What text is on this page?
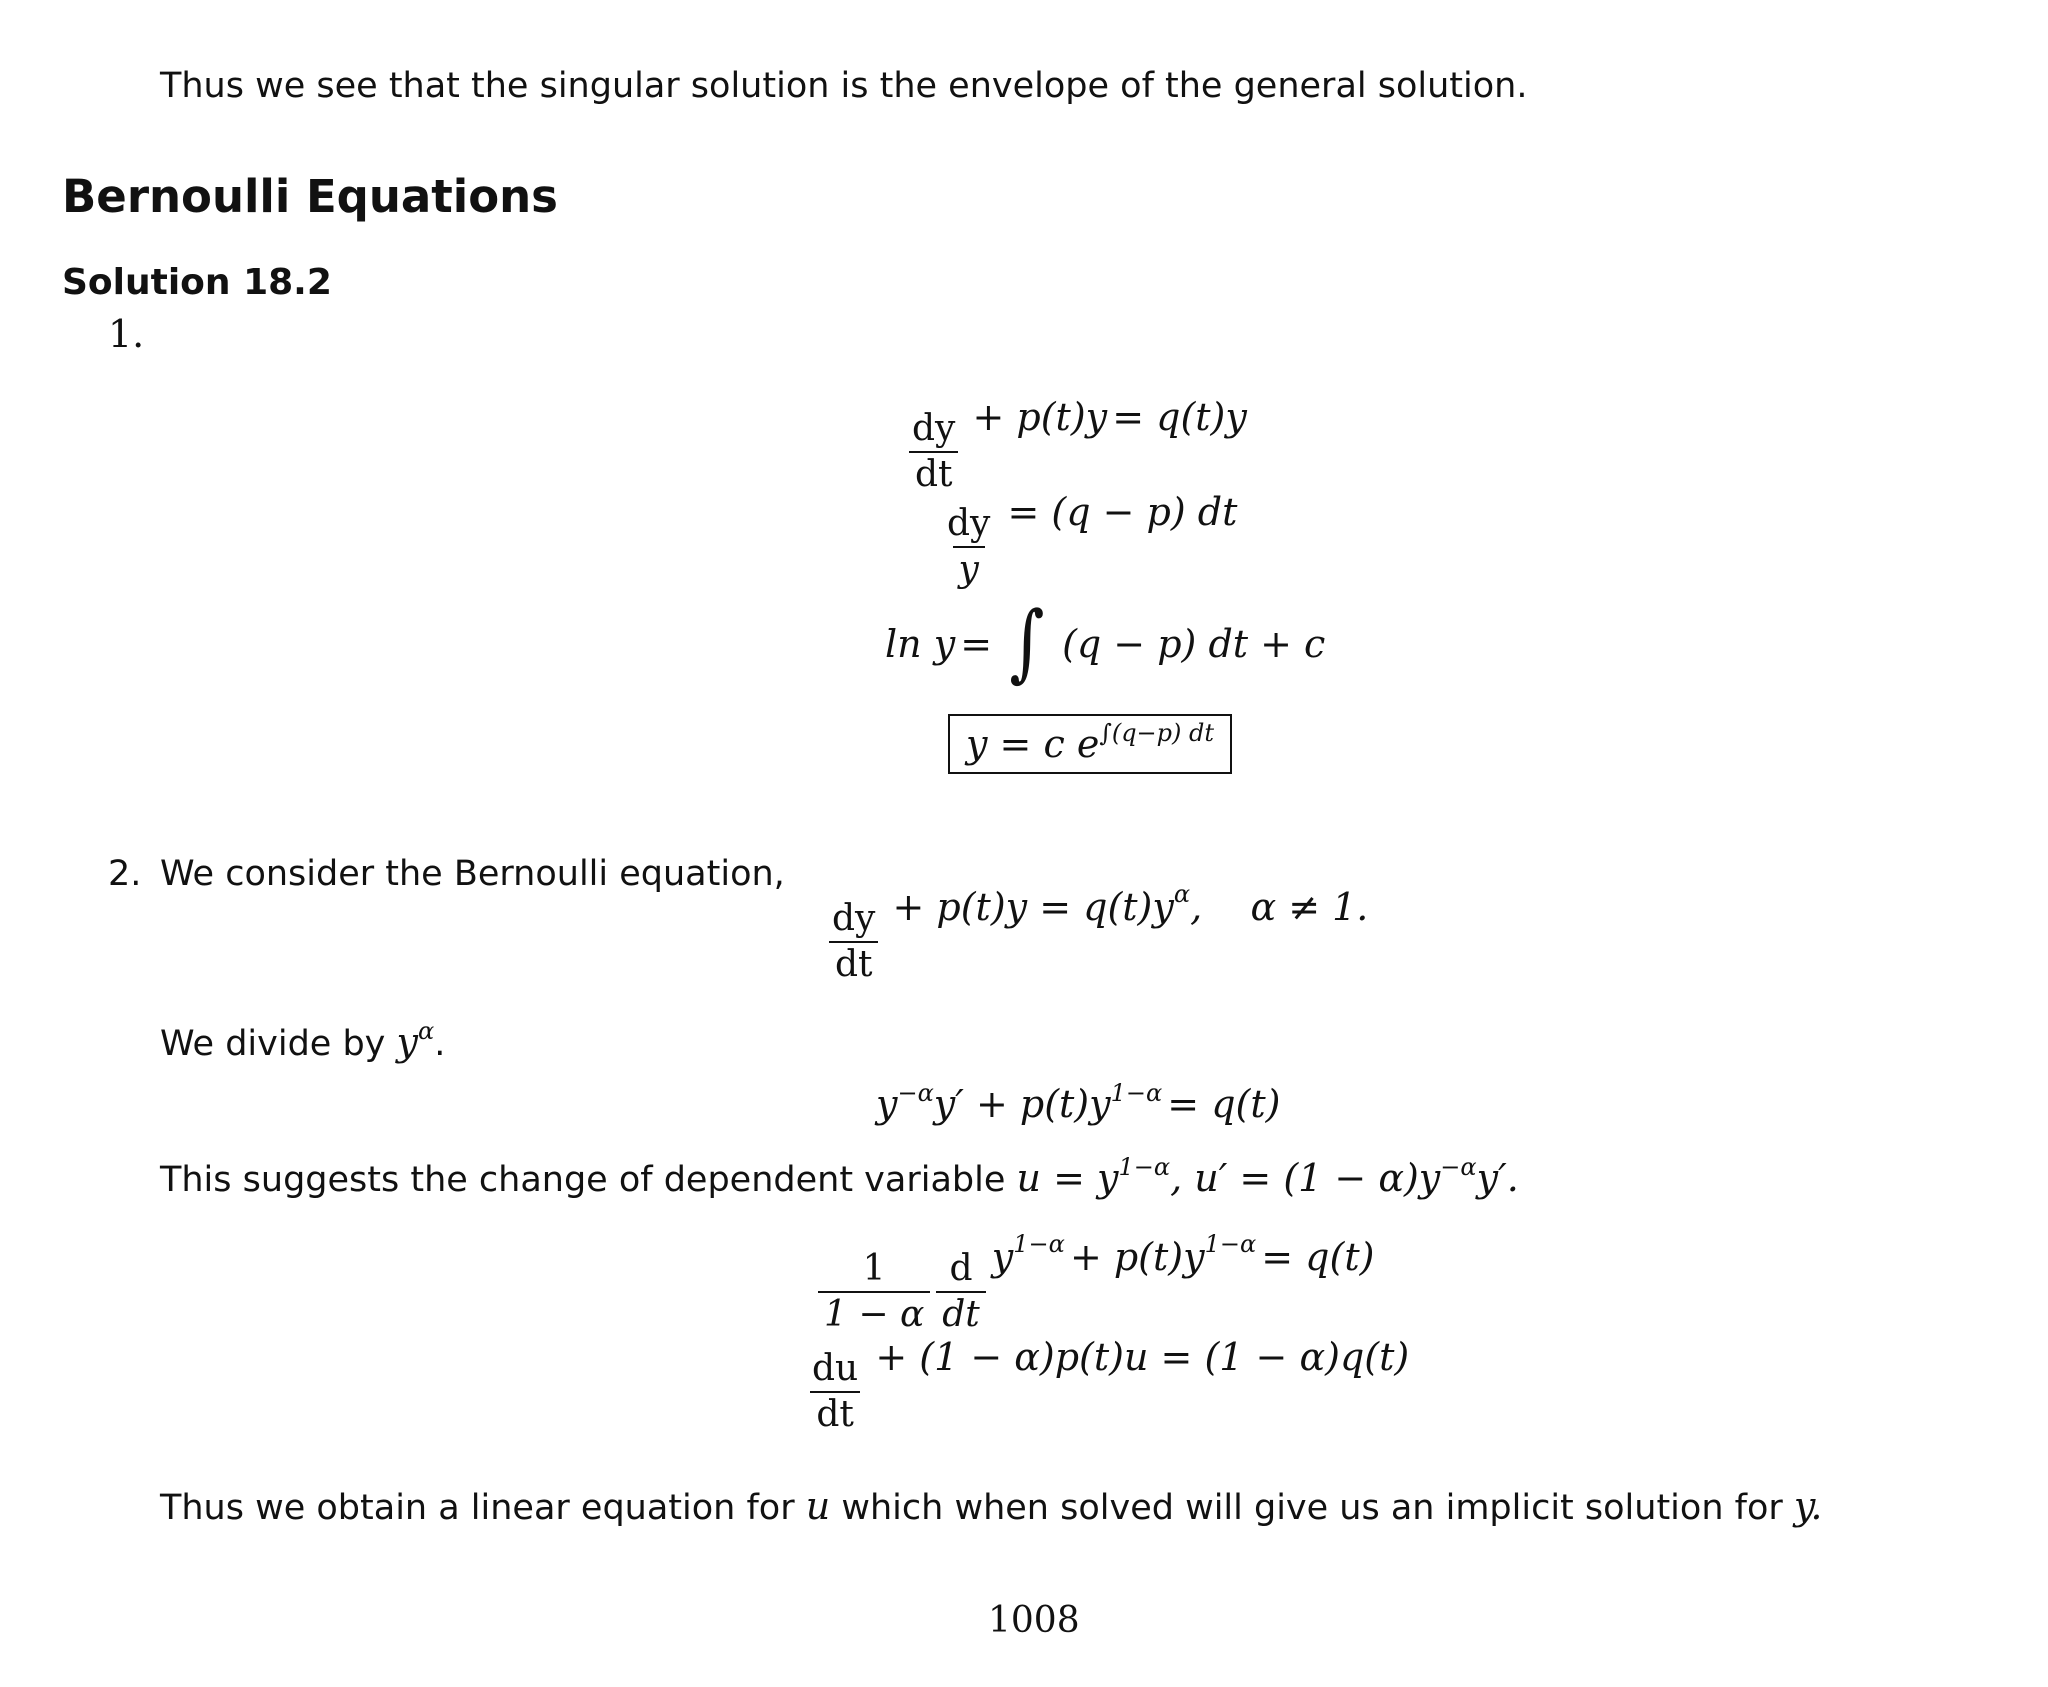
Thus we see that the singular solution is the envelope of the general solution.
Bernoulli Equations
Solution 18.2
1.
$\frac{dy}{dt} + p(t)y = q(t)y$
$\frac{dy}{y} = (q - p)$ dt
ln y = ∫ (q − p) dt + c
y = c e∫(q−p) dt
2. We consider the Bernoulli equation,
$\frac{dy}{dt} + p(t)y = q(t)y\alpha$,    α ≠ 1.
We divide by $y^\alpha$.
y−αy′ + p(t)y1−α = q(t)
This suggests the change of dependent variable $u = y^{1-\alpha}$, $u' = (1 - \alpha)y^{-\alpha}y'$.
$\frac{1}{1 - \alpha} \frac{d}{dt} y1-\alpha + p(t)y1-\alpha = q(t)$
$\frac{du}{dt} + (1 - \alpha)p(t)u = (1 - \alpha)q(t)$
Thus we obtain a linear equation for u which when solved will give us an implicit solution for y.
1008
